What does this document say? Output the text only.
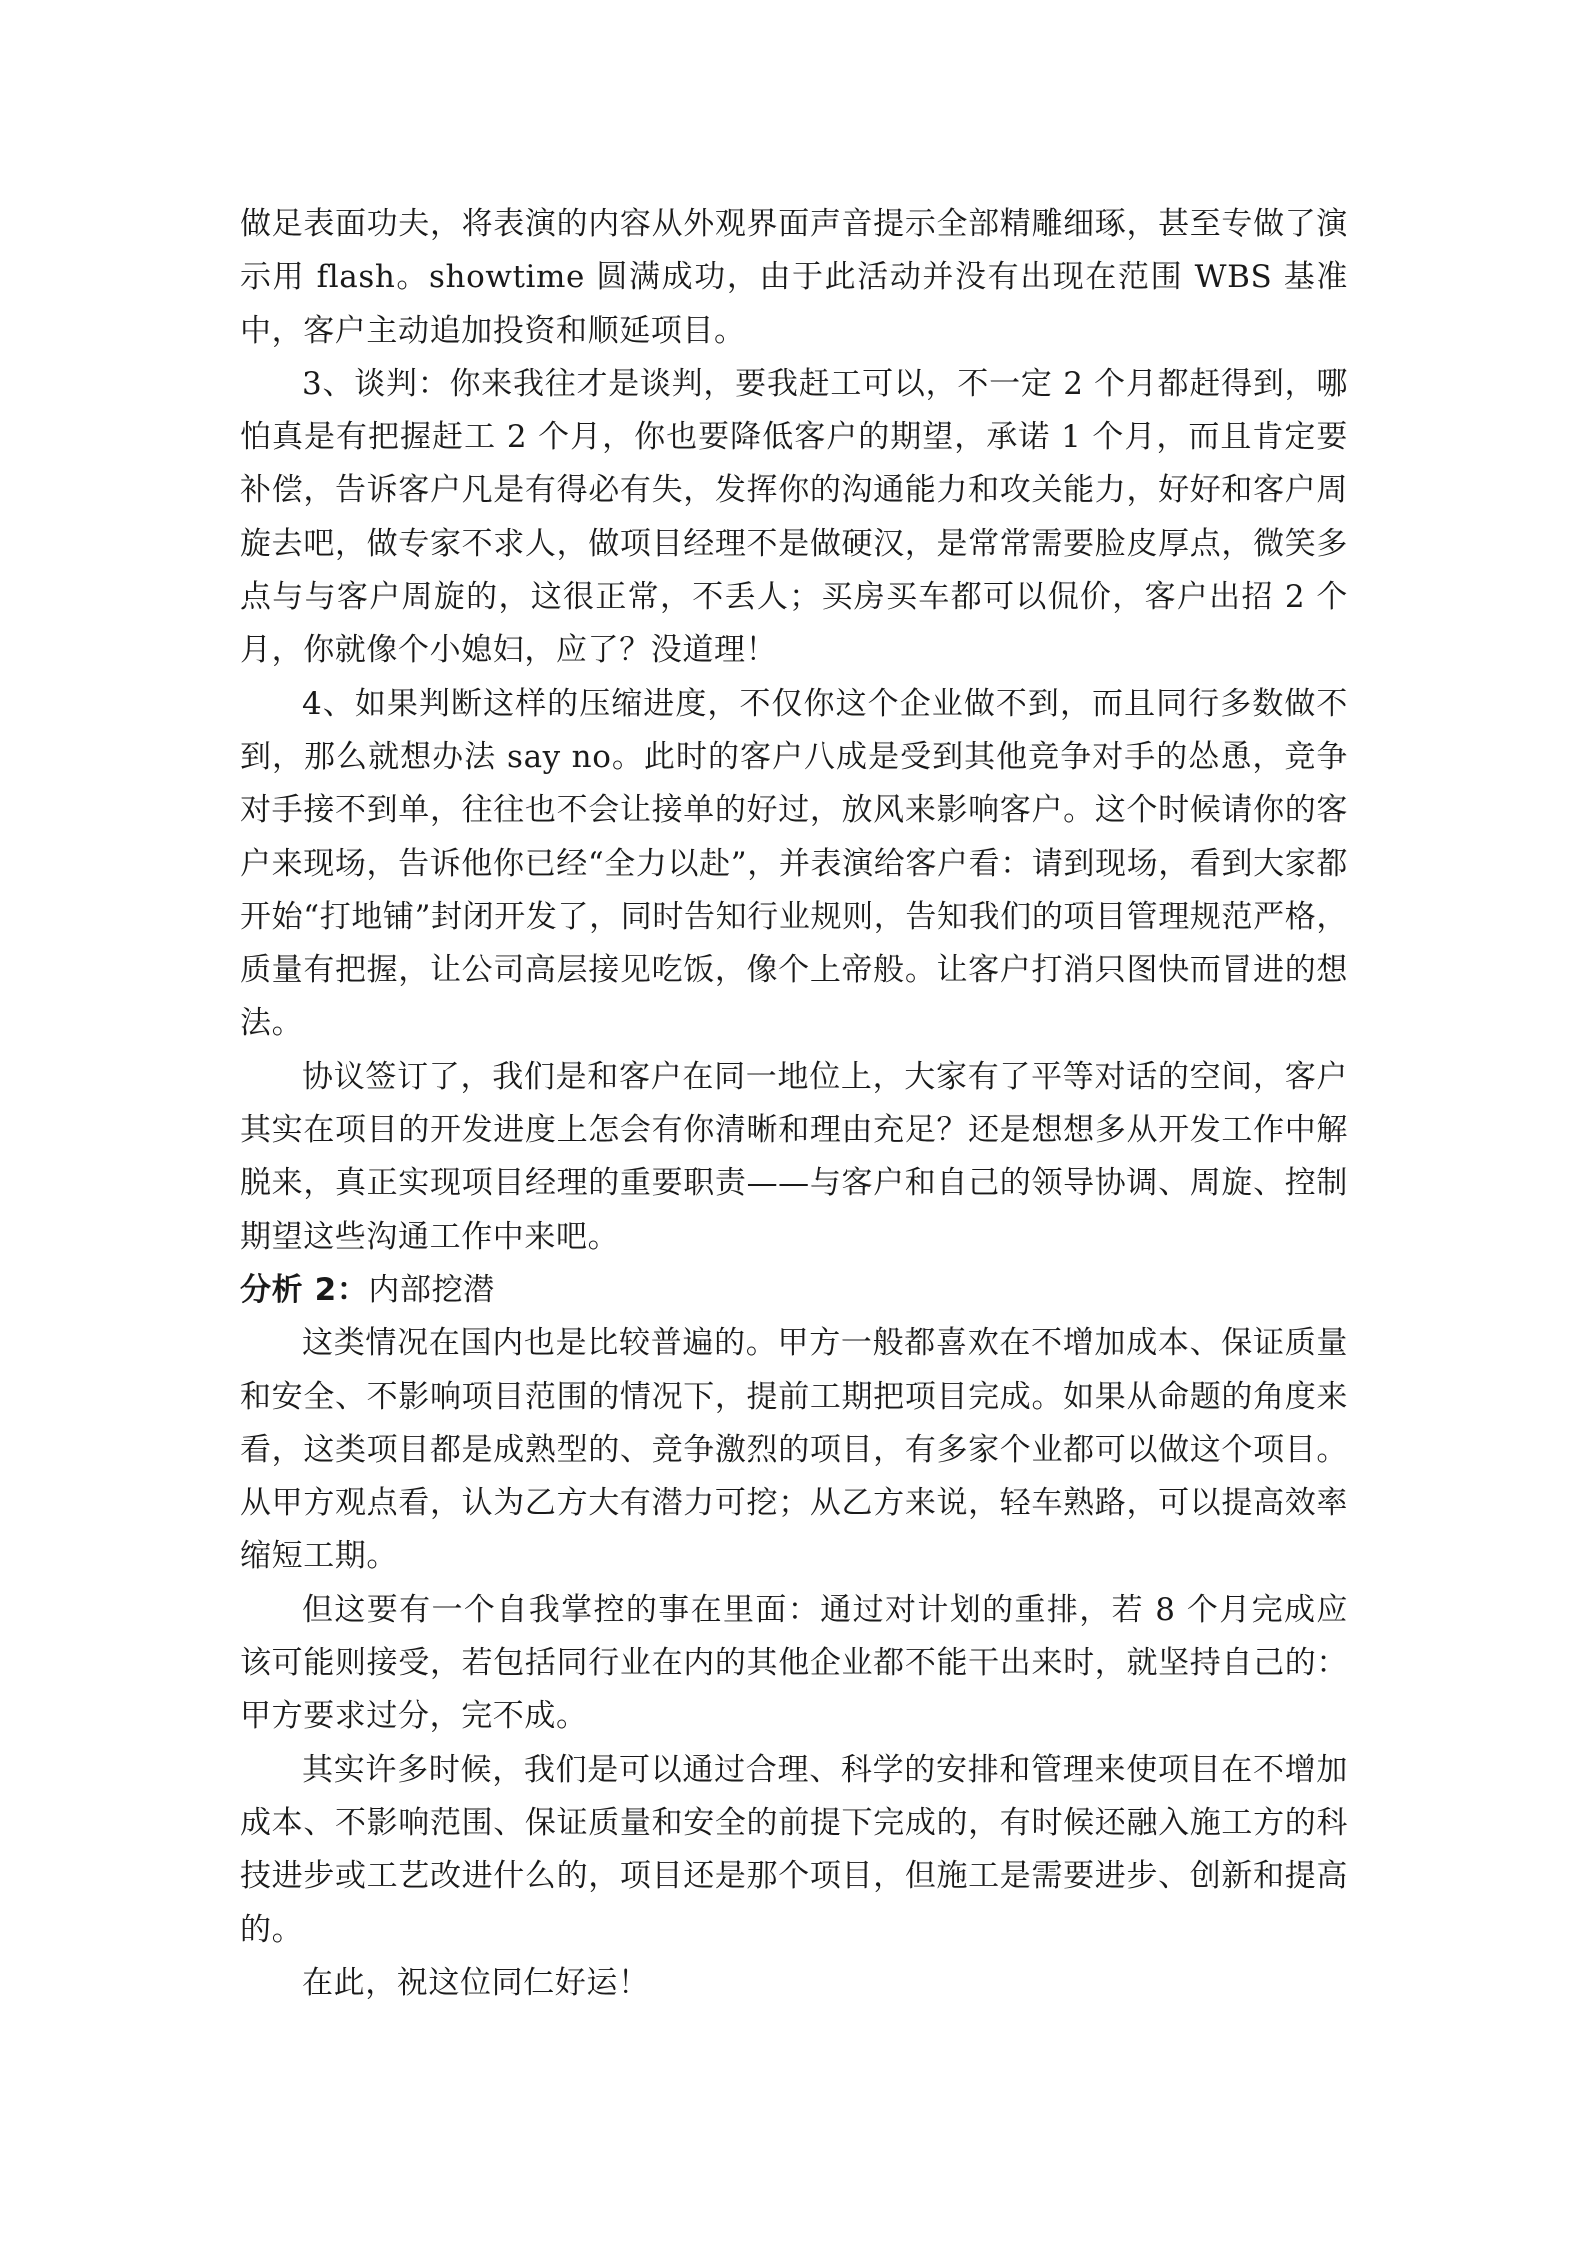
做足表面功夫，将表演的内容从外观界面声音提示全部精雕细琢，甚至专做了演示用 flash。showtime 圆满成功，由于此活动并没有出现在范围 WBS 基准中，客户主动追加投资和顺延项目。

3、谈判：你来我往才是谈判，要我赶工可以，不一定 2 个月都赶得到，哪怕真是有把握赶工 2 个月，你也要降低客户的期望，承诺 1 个月，而且肯定要补偿，告诉客户凡是有得必有失，发挥你的沟通能力和攻关能力，好好和客户周旋去吧，做专家不求人，做项目经理不是做硬汉，是常常需要脸皮厚点，微笑多点与与客户周旋的，这很正常，不丢人；买房买车都可以侃价，客户出招 2 个月，你就像个小媳妇，应了？没道理！

4、如果判断这样的压缩进度，不仅你这个企业做不到，而且同行多数做不到，那么就想办法 say no。此时的客户八成是受到其他竞争对手的怂恿，竞争对手接不到单，往往也不会让接单的好过，放风来影响客户。这个时候请你的客户来现场，告诉他你已经“全力以赴”，并表演给客户看：请到现场，看到大家都开始“打地铺”封闭开发了，同时告知行业规则，告知我们的项目管理规范严格，质量有把握，让公司高层接见吃饭，像个上帝般。让客户打消只图快而冒进的想法。

协议签订了，我们是和客户在同一地位上，大家有了平等对话的空间，客户其实在项目的开发进度上怎会有你清晰和理由充足？还是想想多从开发工作中解脱来，真正实现项目经理的重要职责——与客户和自己的领导协调、周旋、控制期望这些沟通工作中来吧。

分析 2：内部挖潜

这类情况在国内也是比较普遍的。甲方一般都喜欢在不增加成本、保证质量和安全、不影响项目范围的情况下，提前工期把项目完成。如果从命题的角度来看，这类项目都是成熟型的、竞争激烈的项目，有多家个业都可以做这个项目。从甲方观点看，认为乙方大有潜力可挖；从乙方来说，轻车熟路，可以提高效率缩短工期。

但这要有一个自我掌控的事在里面：通过对计划的重排，若 8 个月完成应该可能则接受，若包括同行业在内的其他企业都不能干出来时，就坚持自己的：甲方要求过分，完不成。

其实许多时候，我们是可以通过合理、科学的安排和管理来使项目在不增加成本、不影响范围、保证质量和安全的前提下完成的，有时候还融入施工方的科技进步或工艺改进什么的，项目还是那个项目，但施工是需要进步、创新和提高的。

在此，祝这位同仁好运！
